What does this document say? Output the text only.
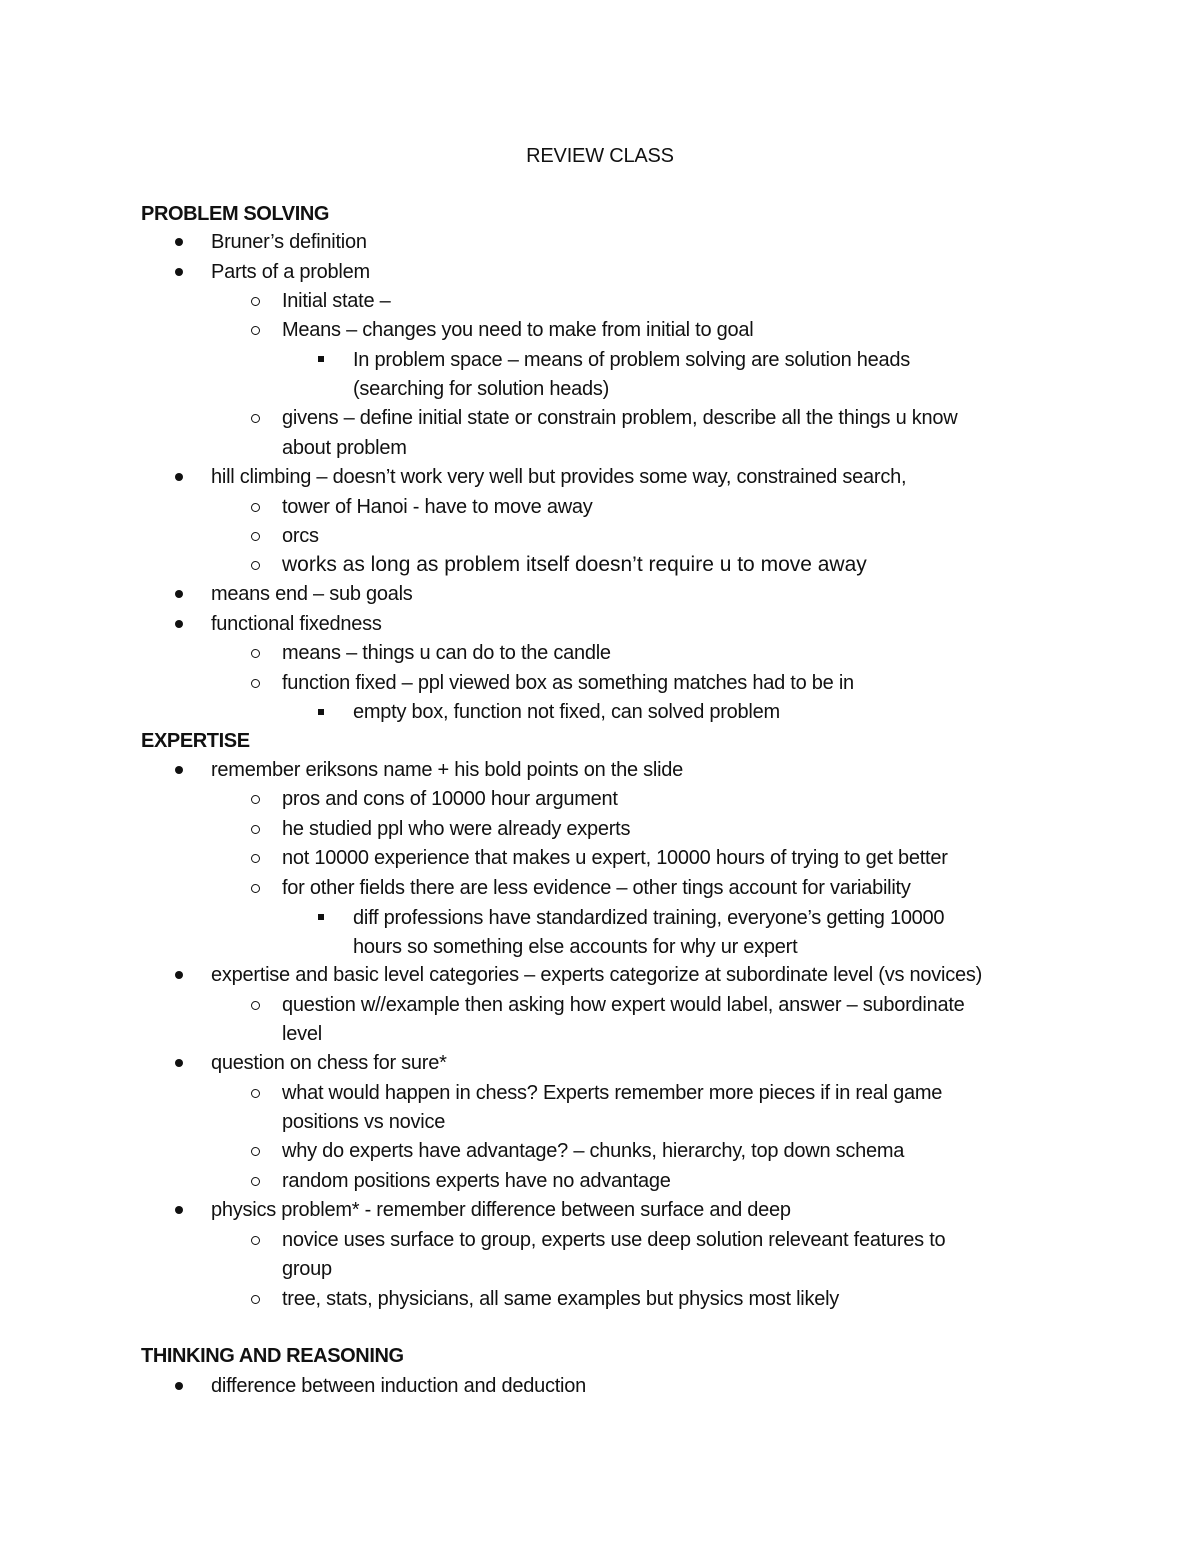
REVIEW CLASS
PROBLEM SOLVING
Bruner’s definition
Parts of a problem
Initial state –
Means – changes you need to make from initial to goal
In problem space – means of problem solving are solution heads
(searching for solution heads)
givens – define initial state or constrain problem, describe all the things u know
about problem
hill climbing – doesn’t work very well but provides some way, constrained search,
tower of Hanoi - have to move away
orcs
works as long as problem itself doesn’t require u to move away
means end – sub goals
functional fixedness
means – things u can do to the candle
function fixed – ppl viewed box as something matches had to be in
empty box, function not fixed, can solved problem
EXPERTISE
remember eriksons name + his bold points on the slide
pros and cons of 10000 hour argument
he studied ppl who were already experts
not 10000 experience that makes u expert, 10000 hours of trying to get better
for other fields there are less evidence – other tings account for variability
diff professions have standardized training, everyone’s getting 10000
hours so something else accounts for why ur expert
expertise and basic level categories – experts categorize at subordinate level (vs novices)
question w//example then asking how expert would label, answer – subordinate
level
question on chess for sure*
what would happen in chess? Experts remember more pieces if in real game
positions vs novice
why do experts have advantage? – chunks, hierarchy, top down schema
random positions experts have no advantage
physics problem* - remember difference between surface and deep
novice uses surface to group, experts use deep solution releveant features to
group
tree, stats, physicians, all same examples but physics most likely
THINKING AND REASONING
difference between induction and deduction
